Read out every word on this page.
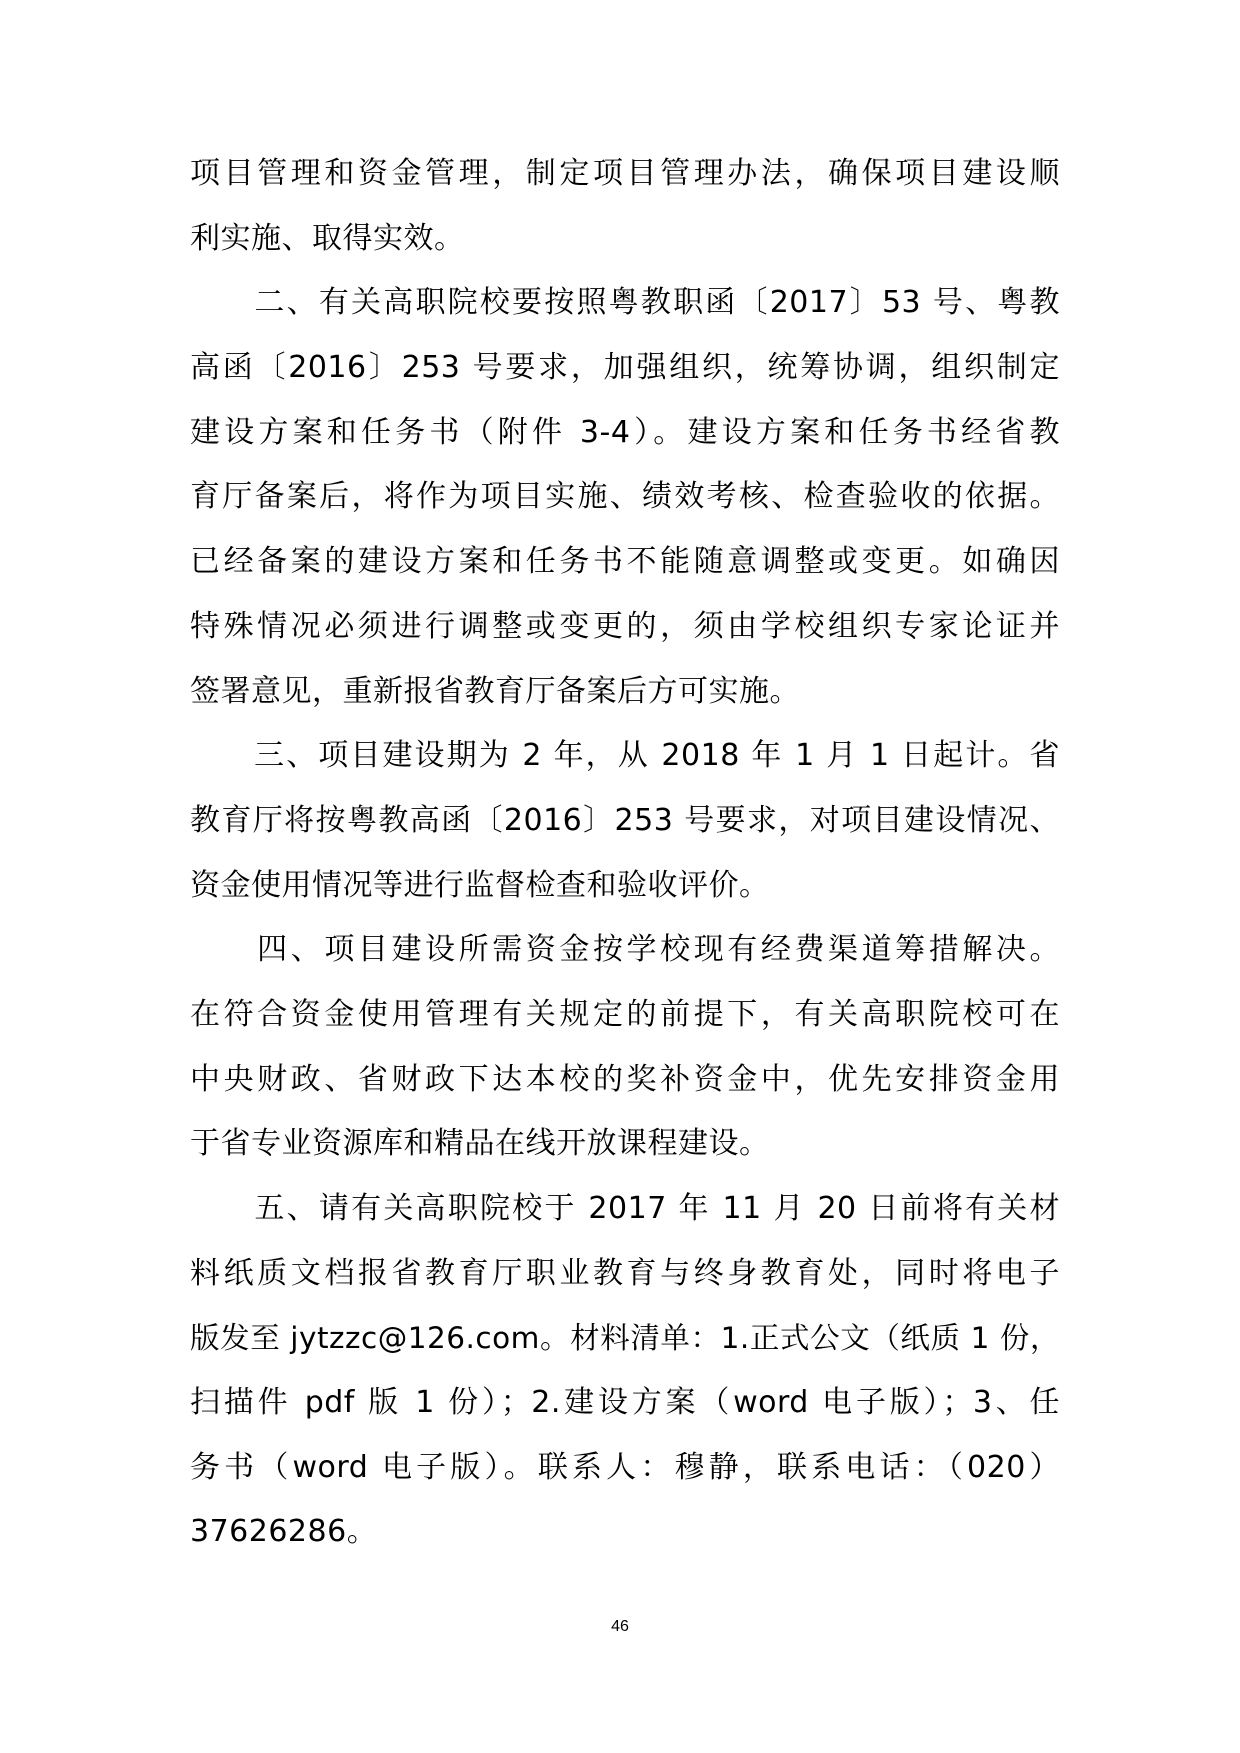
项目管理和资金管理，制定项目管理办法，确保项目建设顺
利实施、取得实效。
　　二、有关高职院校要按照粤教职函〔2017〕53 号、粤教
高函〔2016〕253 号要求，加强组织，统筹协调，组织制定
建设方案和任务书（附件 3-4）。建设方案和任务书经省教
育厅备案后，将作为项目实施、绩效考核、检查验收的依据。
已经备案的建设方案和任务书不能随意调整或变更。如确因
特殊情况必须进行调整或变更的，须由学校组织专家论证并
签署意见，重新报省教育厅备案后方可实施。
　　三、项目建设期为 2 年，从 2018 年 1 月 1 日起计。省
教育厅将按粤教高函〔2016〕253 号要求，对项目建设情况、
资金使用情况等进行监督检查和验收评价。
　　四、项目建设所需资金按学校现有经费渠道筹措解决。
在符合资金使用管理有关规定的前提下，有关高职院校可在
中央财政、省财政下达本校的奖补资金中，优先安排资金用
于省专业资源库和精品在线开放课程建设。
　　五、请有关高职院校于 2017 年 11 月 20 日前将有关材
料纸质文档报省教育厅职业教育与终身教育处，同时将电子
版发至 jytzzc@126.com。材料清单：1.正式公文（纸质 1 份，
扫描件 pdf 版 1 份）；2.建设方案（word 电子版）；3、任
务书（word 电子版）。联系人：穆静，联系电话：（020）
37626286。
46
